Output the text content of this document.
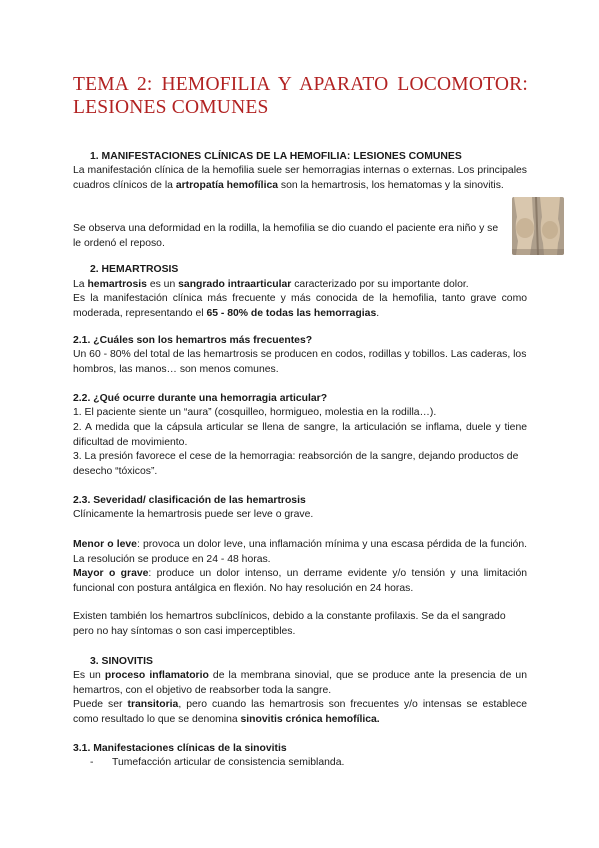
TEMA 2: HEMOFILIA Y APARATO LOCOMOTOR: LESIONES COMUNES

1. MANIFESTACIONES CLÍNICAS DE LA HEMOFILIA: LESIONES COMUNES

La manifestación clínica de la hemofilia suele ser hemorragias internas o externas. Los principales cuadros clínicos de la artropatía hemofílica son la hemartrosis, los hematomas y la sinovitis.

Se observa una deformidad en la rodilla, la hemofilia se dio cuando el paciente era niño y se le ordenó el reposo.

2. HEMARTROSIS

La hemartrosis es un sangrado intraarticular caracterizado por su importante dolor.

Es la manifestación clínica más frecuente y más conocida de la hemofilia, tanto grave como moderada, representando el 65 - 80% de todas las hemorragias.

2.1. ¿Cuáles son los hemartros más frecuentes?

Un 60 - 80% del total de las hemartrosis se producen en codos, rodillas y tobillos. Las caderas, los hombros, las manos… son menos comunes.

2.2. ¿Qué ocurre durante una hemorragia articular?

1. El paciente siente un “aura” (cosquilleo, hormigueo, molestia en la rodilla…).

2. A medida que la cápsula articular se llena de sangre, la articulación se inflama, duele y tiene dificultad de movimiento.

3. La presión favorece el cese de la hemorragia: reabsorción de la sangre, dejando productos de desecho “tóxicos”.

2.3. Severidad/ clasificación de las hemartrosis

Clínicamente la hemartrosis puede ser leve o grave.

Menor o leve: provoca un dolor leve, una inflamación mínima y una escasa pérdida de la función. La resolución se produce en 24 - 48 horas.

Mayor o grave: produce un dolor intenso, un derrame evidente y/o tensión y una limitación funcional con postura antálgica en flexión. No hay resolución en 24 horas.

Existen también los hemartros subclínicos, debido a la constante profilaxis. Se da el sangrado pero no hay síntomas o son casi imperceptibles.

3. SINOVITIS

Es un proceso inflamatorio de la membrana sinovial, que se produce ante la presencia de un hemartros, con el objetivo de reabsorber toda la sangre.

Puede ser transitoria, pero cuando las hemartrosis son frecuentes y/o intensas se establece como resultado lo que se denomina sinovitis crónica hemofílica.

3.1. Manifestaciones clínicas de la sinovitis

- Tumefacción articular de consistencia semiblanda.
